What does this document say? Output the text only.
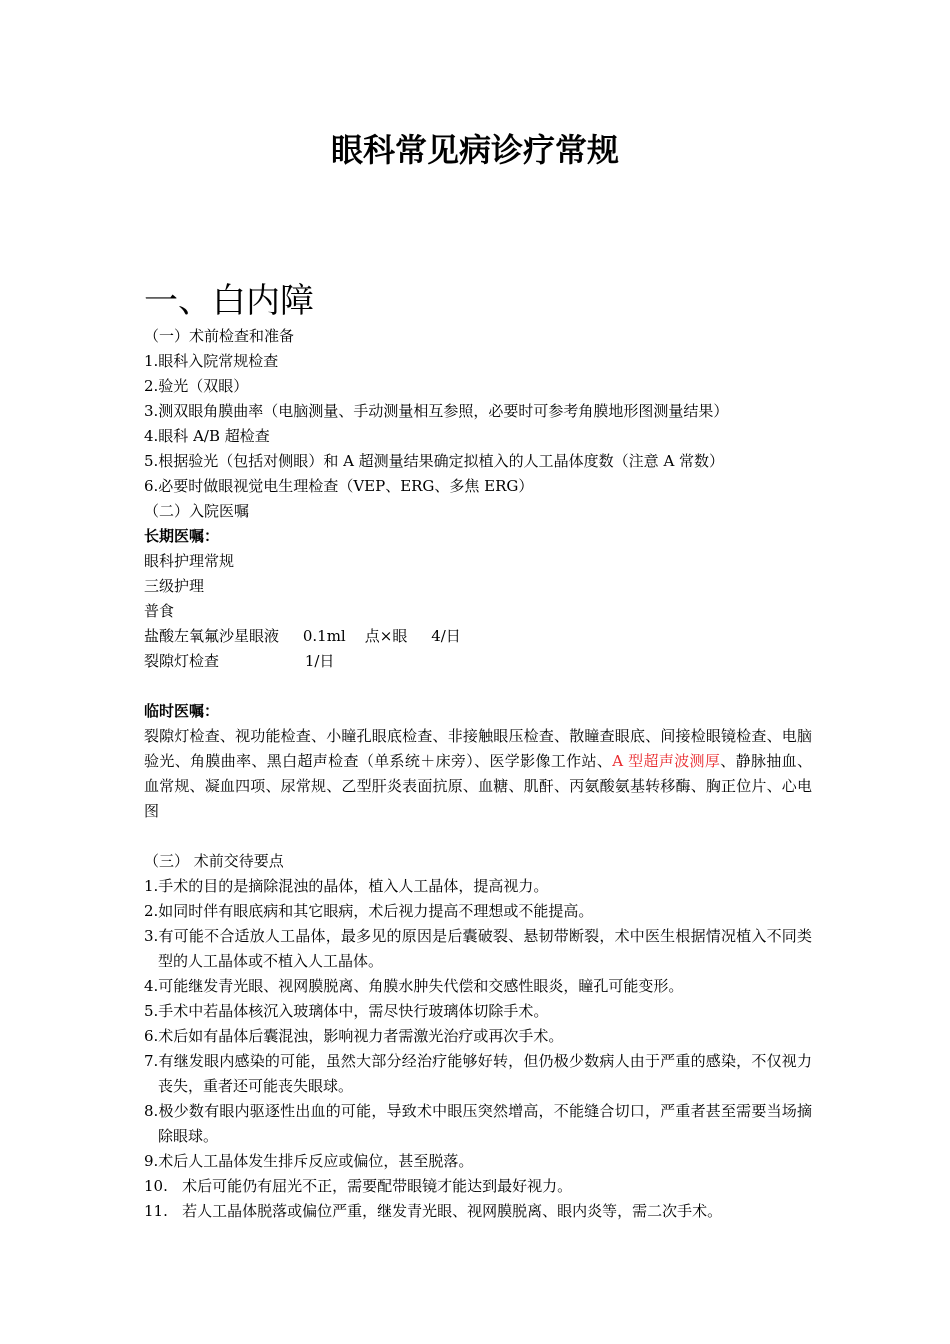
眼科常见病诊疗常规
一、白内障

（一）术前检查和准备

1.眼科入院常规检查

2.验光（双眼）

3.测双眼角膜曲率（电脑测量、手动测量相互参照，必要时可参考角膜地形图测量结果）

4.眼科 A/B 超检查

5.根据验光（包括对侧眼）和 A 超测量结果确定拟植入的人工晶体度数（注意 A 常数）

6.必要时做眼视觉电生理检查（VEP、ERG、多焦 ERG）

（二）入院医嘱

长期医嘱：

眼科护理常规

三级护理

普食

盐酸左氧氟沙星眼液     0.1ml    点×眼     4/日

裂隙灯检查                  1/日

临时医嘱：

裂隙灯检查、视功能检查、小瞳孔眼底检查、非接触眼压检查、散瞳查眼底、间接检眼镜检查、电脑验光、角膜曲率、黑白超声检查（单系统＋床旁）、医学影像工作站、A 型超声波测厚、静脉抽血、血常规、凝血四项、尿常规、乙型肝炎表面抗原、血糖、肌酐、丙氨酸氨基转移酶、胸正位片、心电图

（三） 术前交待要点

1.手术的目的是摘除混浊的晶体，植入人工晶体，提高视力。

2.如同时伴有眼底病和其它眼病，术后视力提高不理想或不能提高。

3.有可能不合适放人工晶体，最多见的原因是后囊破裂、悬韧带断裂，术中医生根据情况植入不同类型的人工晶体或不植入人工晶体。

4.可能继发青光眼、视网膜脱离、角膜水肿失代偿和交感性眼炎，瞳孔可能变形。

5.手术中若晶体核沉入玻璃体中，需尽快行玻璃体切除手术。

6.术后如有晶体后囊混浊，影响视力者需激光治疗或再次手术。

7.有继发眼内感染的可能，虽然大部分经治疗能够好转，但仍极少数病人由于严重的感染，不仅视力丧失，重者还可能丧失眼球。

8.极少数有眼内驱逐性出血的可能，导致术中眼压突然增高，不能缝合切口，严重者甚至需要当场摘除眼球。

9.术后人工晶体发生排斥反应或偏位，甚至脱落。

10.   术后可能仍有屈光不正，需要配带眼镜才能达到最好视力。

11.   若人工晶体脱落或偏位严重，继发青光眼、视网膜脱离、眼内炎等，需二次手术。
